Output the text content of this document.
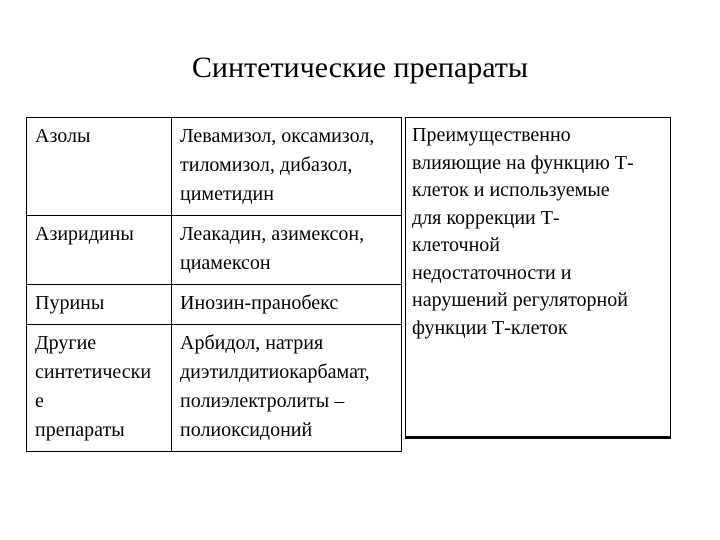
Синтетические препараты
Азолы	Левамизол, оксамизол,
тиломизол, дибазол,
циметидин
Азиридины	Леакадин, азимексон,
циамексон
Пурины	Инозин-пранобекс
Другие
синтетически
е
препараты	Арбидол, натрия
диэтилдитиокарбамат,
полиэлектролиты –
полиоксидоний
Преимущественно
влияющие на функцию Т-
клеток и используемые
для коррекции Т-
клеточной
недостаточности и
нарушений регуляторной
функции Т-клеток
